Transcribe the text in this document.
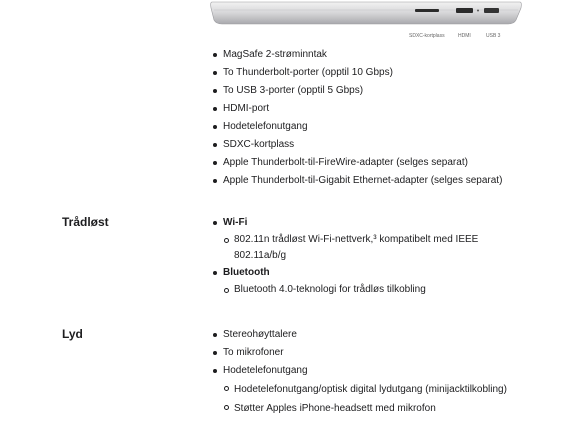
SDXC-kortplass	HDMI	USB 3
MagSafe 2-strøminntak
To Thunderbolt-porter (opptil 10 Gbps)
To USB 3-porter (opptil 5 Gbps)
HDMI-port
Hodetelefonutgang
SDXC-kortplass
Apple Thunderbolt-til-FireWire-adapter (selges separat)
Apple Thunderbolt-til-Gigabit Ethernet-adapter (selges separat)
Trådløst	Wi-Fi
802.11n trådløst Wi-Fi-nettverk,³ kompatibelt med IEEE 802.11a/b/g
Bluetooth
Bluetooth 4.0-teknologi for trådløs tilkobling
Lyd	Stereohøyttalere
To mikrofoner
Hodetelefonutgang
Hodetelefonutgang/optisk digital lydutgang (minijacktilkobling)
Støtter Apples iPhone-headsett med mikrofon
